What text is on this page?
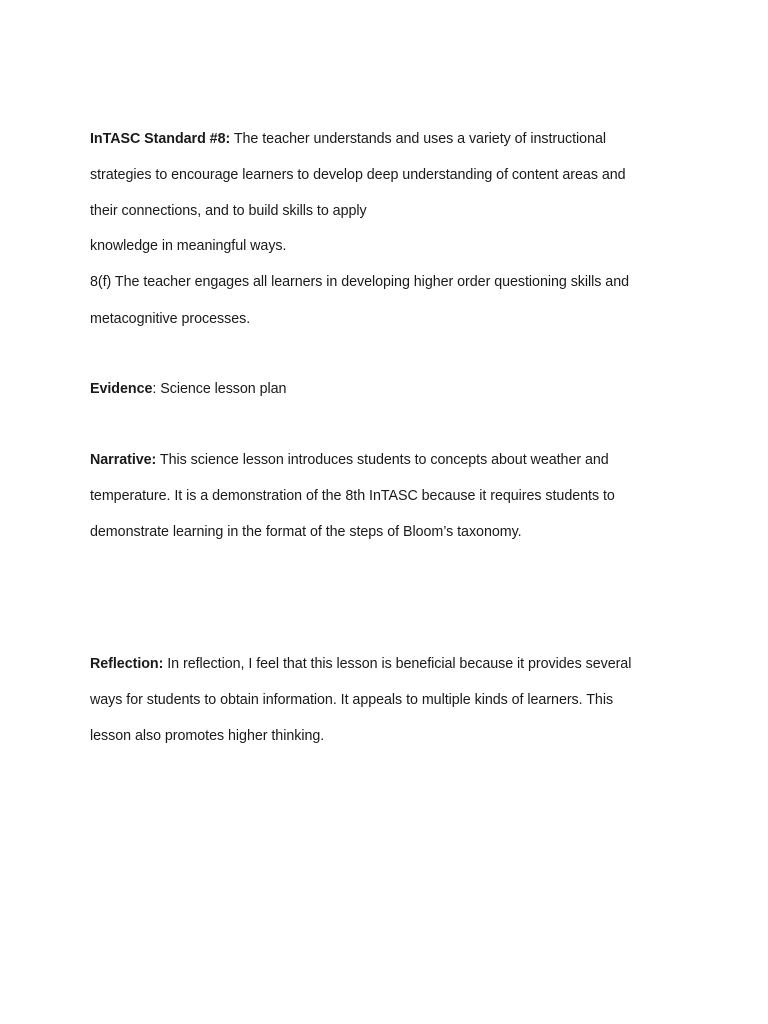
InTASC Standard #8: The teacher understands and uses a variety of instructional
strategies to encourage learners to develop deep understanding of content areas and
their connections, and to build skills to apply
knowledge in meaningful ways.
8(f) The teacher engages all learners in developing higher order questioning skills and
metacognitive processes.
Evidence: Science lesson plan
Narrative: This science lesson introduces students to concepts about weather and
temperature. It is a demonstration of the 8th InTASC because it requires students to
demonstrate learning in the format of the steps of Bloom’s taxonomy.
Reflection: In reflection, I feel that this lesson is beneficial because it provides several
ways for students to obtain information. It appeals to multiple kinds of learners. This
lesson also promotes higher thinking.
